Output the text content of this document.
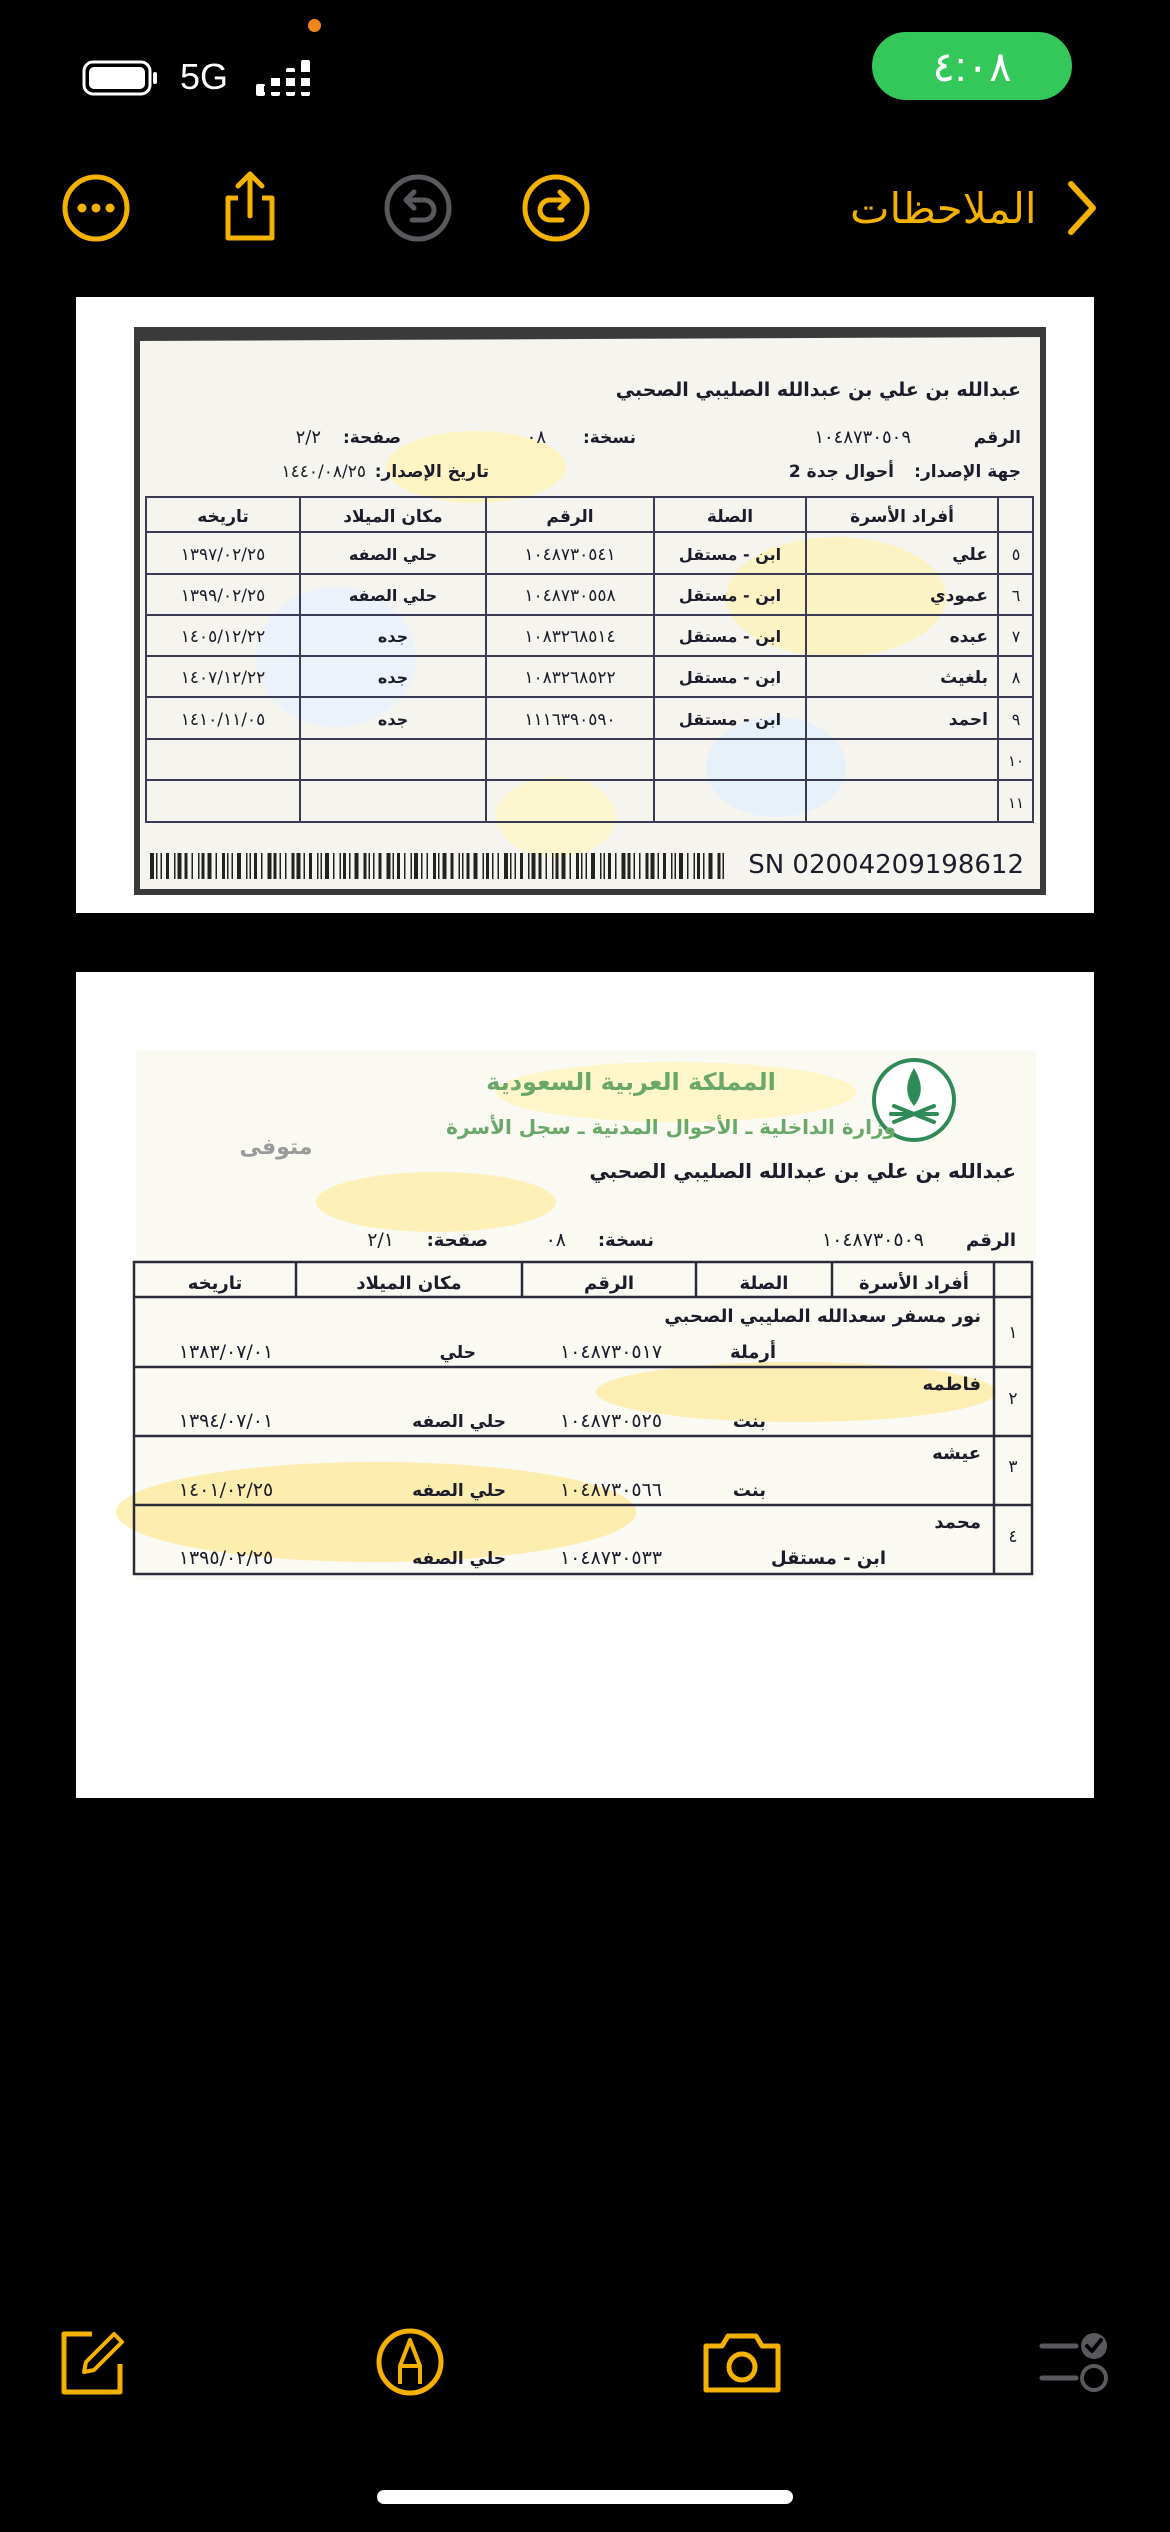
5G	٤:٠٨
الملاحظات
عبدالله بن علي بن عبدالله الصليبي الصحبي
الرقم
١٠٤٨٧٣٠٥٠٩
نسخة:
٠٨
صفحة:
٢/٢
جهة الإصدار:
أحوال جدة 2
تاريخ الإصدار:
١٤٤٠/٠٨/٢٥
أفراد الأسرة
الصلة
الرقم
مكان الميلاد
تاريخه
٥
علي
ابن - مستقل
١٠٤٨٧٣٠٥٤١
حلي الصفه
١٣٩٧/٠٢/٢٥
٦
عمودي
ابن - مستقل
١٠٤٨٧٣٠٥٥٨
حلي الصفه
١٣٩٩/٠٢/٢٥
٧
عبده
ابن - مستقل
١٠٨٣٢٦٨٥١٤
جده
١٤٠٥/١٢/٢٢
٨
بلغيث
ابن - مستقل
١٠٨٣٢٦٨٥٢٢
جده
١٤٠٧/١٢/٢٢
٩
احمد
ابن - مستقل
١١١٦٣٩٠٥٩٠
جده
١٤١٠/١١/٠٥
١٠
١١
SN 02004209198612
المملكة العربية السعودية
وزارة الداخلية ـ الأحوال المدنية ـ سجل الأسرة
متوفى
عبدالله بن علي بن عبدالله الصليبي الصحبي
الرقم
١٠٤٨٧٣٠٥٠٩
نسخة:
٠٨
صفحة:
٢/١
أفراد الأسرة
الصلة
الرقم
مكان الميلاد
تاريخه
١
نور مسفر سعدالله الصليبي الصحبي
أرملة
١٠٤٨٧٣٠٥١٧
حلي
١٣٨٣/٠٧/٠١
٢
فاطمه
بنت
١٠٤٨٧٣٠٥٢٥
حلي الصفه
١٣٩٤/٠٧/٠١
٣
عيشه
بنت
١٠٤٨٧٣٠٥٦٦
حلي الصفه
١٤٠١/٠٢/٢٥
٤
محمد
ابن - مستقل
١٠٤٨٧٣٠٥٣٣
حلي الصفه
١٣٩٥/٠٢/٢٥
